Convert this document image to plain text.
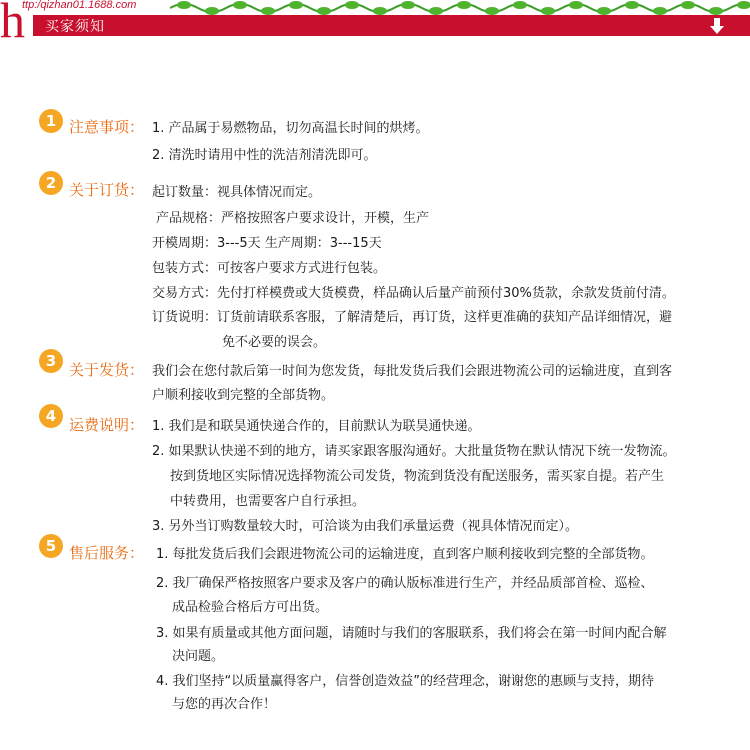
买家须知
h
ttp:/qizhan01.1688.com
1 注意事项： 1. 产品属于易燃物品，切勿高温长时间的烘烤。
2. 清洗时请用中性的洗洁剂清洗即可。
2 关于订货： 起订数量：视具体情况而定。
产品规格：严格按照客户要求设计，开模，生产
开模周期：3---5天 生产周期：3---15天
包装方式：可按客户要求方式进行包装。
交易方式：先付打样模费或大货模费，样品确认后量产前预付30%货款，余款发货前付清。
订货说明：订货前请联系客服，了解清楚后，再订货，这样更准确的获知产品详细情况，避
免不必要的误会。
3 关于发货： 我们会在您付款后第一时间为您发货，每批发货后我们会跟进物流公司的运输进度，直到客
户顺利接收到完整的全部货物。
4 运费说明： 1. 我们是和联昊通快递合作的，目前默认为联昊通快递。
2. 如果默认快递不到的地方，请买家跟客服沟通好。大批量货物在默认情况下统一发物流。
按到货地区实际情况选择物流公司发货，物流到货没有配送服务，需买家自提。若产生
中转费用，也需要客户自行承担。
3. 另外当订购数量较大时，可洽谈为由我们承量运费（视具体情况而定）。
5 售后服务： 1. 每批发货后我们会跟进物流公司的运输进度，直到客户顺利接收到完整的全部货物。
2. 我厂确保严格按照客户要求及客户的确认版标准进行生产，并经品质部首检、巡检、
成品检验合格后方可出货。
3. 如果有质量或其他方面问题，请随时与我们的客服联系，我们将会在第一时间内配合解
决问题。
4. 我们坚持“以质量赢得客户，信誉创造效益”的经营理念，谢谢您的惠顾与支持，期待
与您的再次合作！
